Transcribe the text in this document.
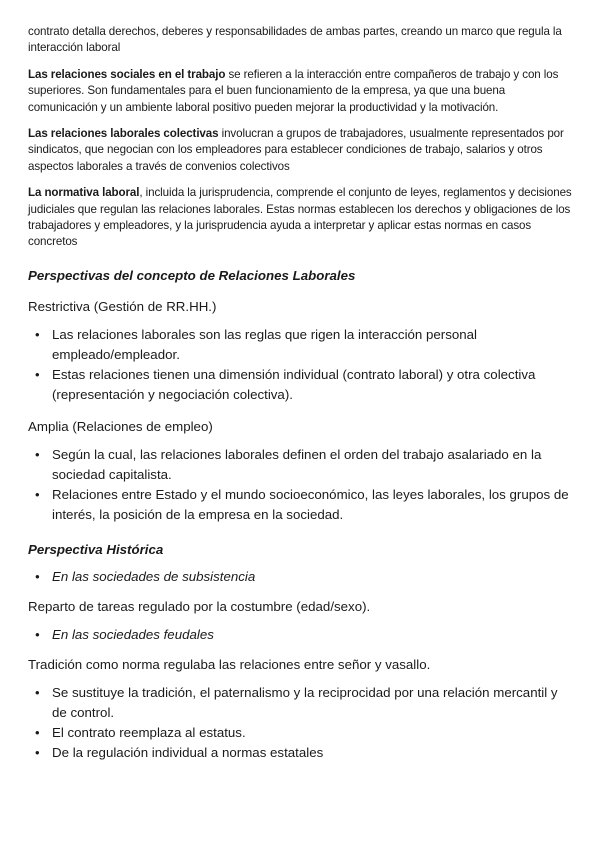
contrato detalla derechos, deberes y responsabilidades de ambas partes, creando un marco que regula la interacción laboral

Las relaciones sociales en el trabajo se refieren a la interacción entre compañeros de trabajo y con los superiores. Son fundamentales para el buen funcionamiento de la empresa, ya que una buena comunicación y un ambiente laboral positivo pueden mejorar la productividad y la motivación.

Las relaciones laborales colectivas involucran a grupos de trabajadores, usualmente representados por sindicatos, que negocian con los empleadores para establecer condiciones de trabajo, salarios y otros aspectos laborales a través de convenios colectivos

La normativa laboral, incluida la jurisprudencia, comprende el conjunto de leyes, reglamentos y decisiones judiciales que regulan las relaciones laborales. Estas normas establecen los derechos y obligaciones de los trabajadores y empleadores, y la jurisprudencia ayuda a interpretar y aplicar estas normas en casos concretos

Perspectivas del concepto de Relaciones Laborales

Restrictiva (Gestión de RR.HH.)

• Las relaciones laborales son las reglas que rigen la interacción personal empleado/empleador.
• Estas relaciones tienen una dimensión individual (contrato laboral) y otra colectiva (representación y negociación colectiva).

Amplia (Relaciones de empleo)

• Según la cual, las relaciones laborales definen el orden del trabajo asalariado en la sociedad capitalista.
• Relaciones entre Estado y el mundo socioeconómico, las leyes laborales, los grupos de interés, la posición de la empresa en la sociedad.
Perspectiva Histórica
• En las sociedades de subsistencia

Reparto de tareas regulado por la costumbre (edad/sexo).

• En las sociedades feudales

Tradición como norma regulaba las relaciones entre señor y vasallo.

• Se sustituye la tradición, el paternalismo y la reciprocidad por una relación mercantil y de control.
• El contrato reemplaza al estatus.
• De la regulación individual a normas estatales
